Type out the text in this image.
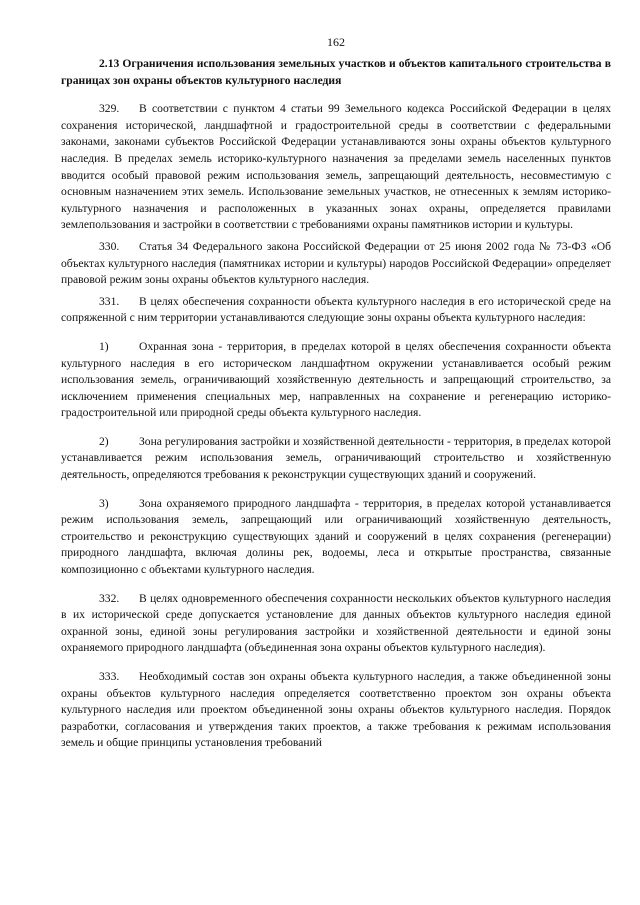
162
2.13 Ограничения использования земельных участков и объектов капитального строительства в границах зон охраны объектов культурного наследия

329. В соответствии с пунктом 4 статьи 99 Земельного кодекса Российской Федерации в целях сохранения исторической, ландшафтной и градостроительной среды в соответствии с федеральными законами, законами субъектов Российской Федерации устанавливаются зоны охраны объектов культурного наследия. В пределах земель историко-культурного назначения за пределами земель населенных пунктов вводится особый правовой режим использования земель, запрещающий деятельность, несовместимую с основным назначением этих земель. Использование земельных участков, не отнесенных к землям историко-культурного назначения и расположенных в указанных зонах охраны, определяется правилами землепользования и застройки в соответствии с требованиями охраны памятников истории и культуры.

330. Статья 34 Федерального закона Российской Федерации от 25 июня 2002 года № 73-ФЗ «Об объектах культурного наследия (памятниках истории и культуры) народов Российской Федерации» определяет правовой режим зоны охраны объектов культурного наследия.

331. В целях обеспечения сохранности объекта культурного наследия в его исторической среде на сопряженной с ним территории устанавливаются следующие зоны охраны объекта культурного наследия:

1)	Охранная зона - территория, в пределах которой в целях обеспечения сохранности объекта культурного наследия в его историческом ландшафтном окружении устанавливается особый режим использования земель, ограничивающий хозяйственную деятельность и запрещающий строительство, за исключением применения специальных мер, направленных на сохранение и регенерацию историко-градостроительной или природной среды объекта культурного наследия.

2)	Зона регулирования застройки и хозяйственной деятельности - территория, в пределах которой устанавливается режим использования земель, ограничивающий строительство и хозяйственную деятельность, определяются требования к реконструкции существующих зданий и сооружений.

3)	Зона охраняемого природного ландшафта - территория, в пределах которой устанавливается режим использования земель, запрещающий или ограничивающий хозяйственную деятельность, строительство и реконструкцию существующих зданий и сооружений в целях сохранения (регенерации) природного ландшафта, включая долины рек, водоемы, леса и открытые пространства, связанные композиционно с объектами культурного наследия.

332. В целях одновременного обеспечения сохранности нескольких объектов культурного наследия в их исторической среде допускается установление для данных объектов культурного наследия единой охранной зоны, единой зоны регулирования застройки и хозяйственной деятельности и единой зоны охраняемого природного ландшафта (объединенная зона охраны объектов культурного наследия).

333. Необходимый состав зон охраны объекта культурного наследия, а также объединенной зоны охраны объектов культурного наследия определяется соответственно проектом зон охраны объекта культурного наследия или проектом объединенной зоны охраны объектов культурного наследия. Порядок разработки, согласования и утверждения таких проектов, а также требования к режимам использования земель и общие принципы установления требований
